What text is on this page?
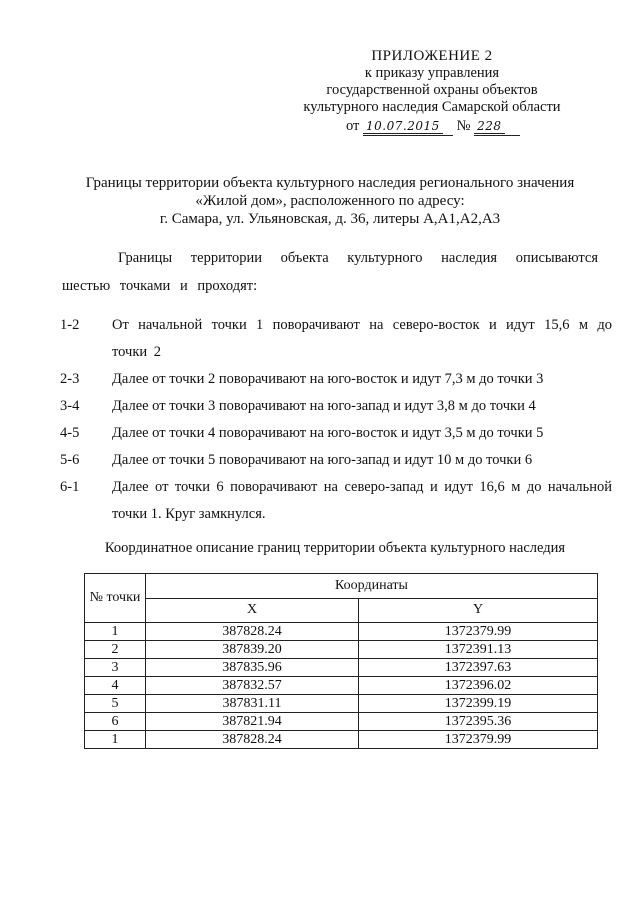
ПРИЛОЖЕНИЕ 2
к приказу управления
государственной охраны объектов
культурного наследия Самарской области
от 10.07.2015 № 228
Границы территории объекта культурного наследия регионального значения
«Жилой дом», расположенного по адресу:
г. Самара, ул. Ульяновская, д. 36, литеры А,А1,А2,А3
Границы территории объекта культурного наследия описываются шестью точками и проходят:
1-2 От начальной точки 1 поворачивают на северо-восток и идут 15,6 м до точки 2
2-3 Далее от точки 2 поворачивают на юго-восток и идут 7,3 м до точки 3
3-4 Далее от точки 3 поворачивают на юго-запад и идут 3,8 м до точки 4
4-5 Далее от точки 4 поворачивают на юго-восток и идут 3,5 м до точки 5
5-6 Далее от точки 5 поворачивают на юго-запад и идут 10 м до точки 6
6-1 Далее от точки 6 поворачивают на северо-запад и идут 16,6 м до начальной точки 1. Круг замкнулся.
Координатное описание границ территории объекта культурного наследия
№ точки	Координаты	
	X	Y
1	387828.24	1372379.99
2	387839.20	1372391.13
3	387835.96	1372397.63
4	387832.57	1372396.02
5	387831.11	1372399.19
6	387821.94	1372395.36
1	387828.24	1372379.99
